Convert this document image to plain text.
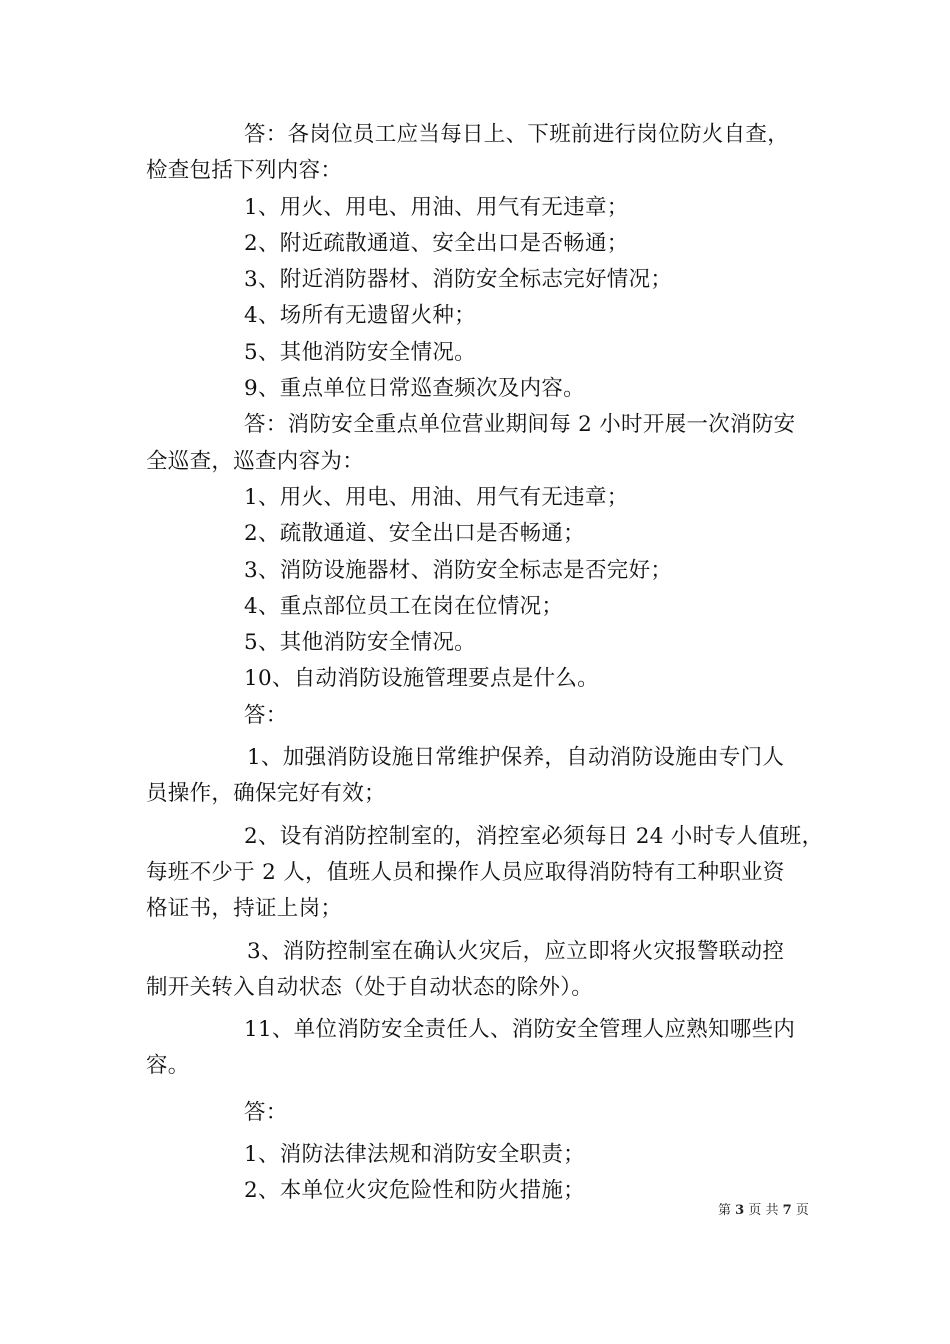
答：各岗位员工应当每日上、下班前进行岗位防火自查，
检查包括下列内容：
1、用火、用电、用油、用气有无违章；
2、附近疏散通道、安全出口是否畅通；
3、附近消防器材、消防安全标志完好情况；
4、场所有无遗留火种；
5、其他消防安全情况。
9、重点单位日常巡查频次及内容。
答：消防安全重点单位营业期间每 2 小时开展一次消防安
全巡查，巡查内容为：
1、用火、用电、用油、用气有无违章；
2、疏散通道、安全出口是否畅通；
3、消防设施器材、消防安全标志是否完好；
4、重点部位员工在岗在位情况；
5、其他消防安全情况。
10、自动消防设施管理要点是什么。
答：
1、加强消防设施日常维护保养，自动消防设施由专门人
员操作，确保完好有效；
2、设有消防控制室的，消控室必须每日 24 小时专人值班，
每班不少于 2 人，值班人员和操作人员应取得消防特有工种职业资
格证书，持证上岗；
3、消防控制室在确认火灾后，应立即将火灾报警联动控
制开关转入自动状态（处于自动状态的除外）。
11、单位消防安全责任人、消防安全管理人应熟知哪些内
容。
答：
1、消防法律法规和消防安全职责；
2、本单位火灾危险性和防火措施；
第 3 页 共 7 页
